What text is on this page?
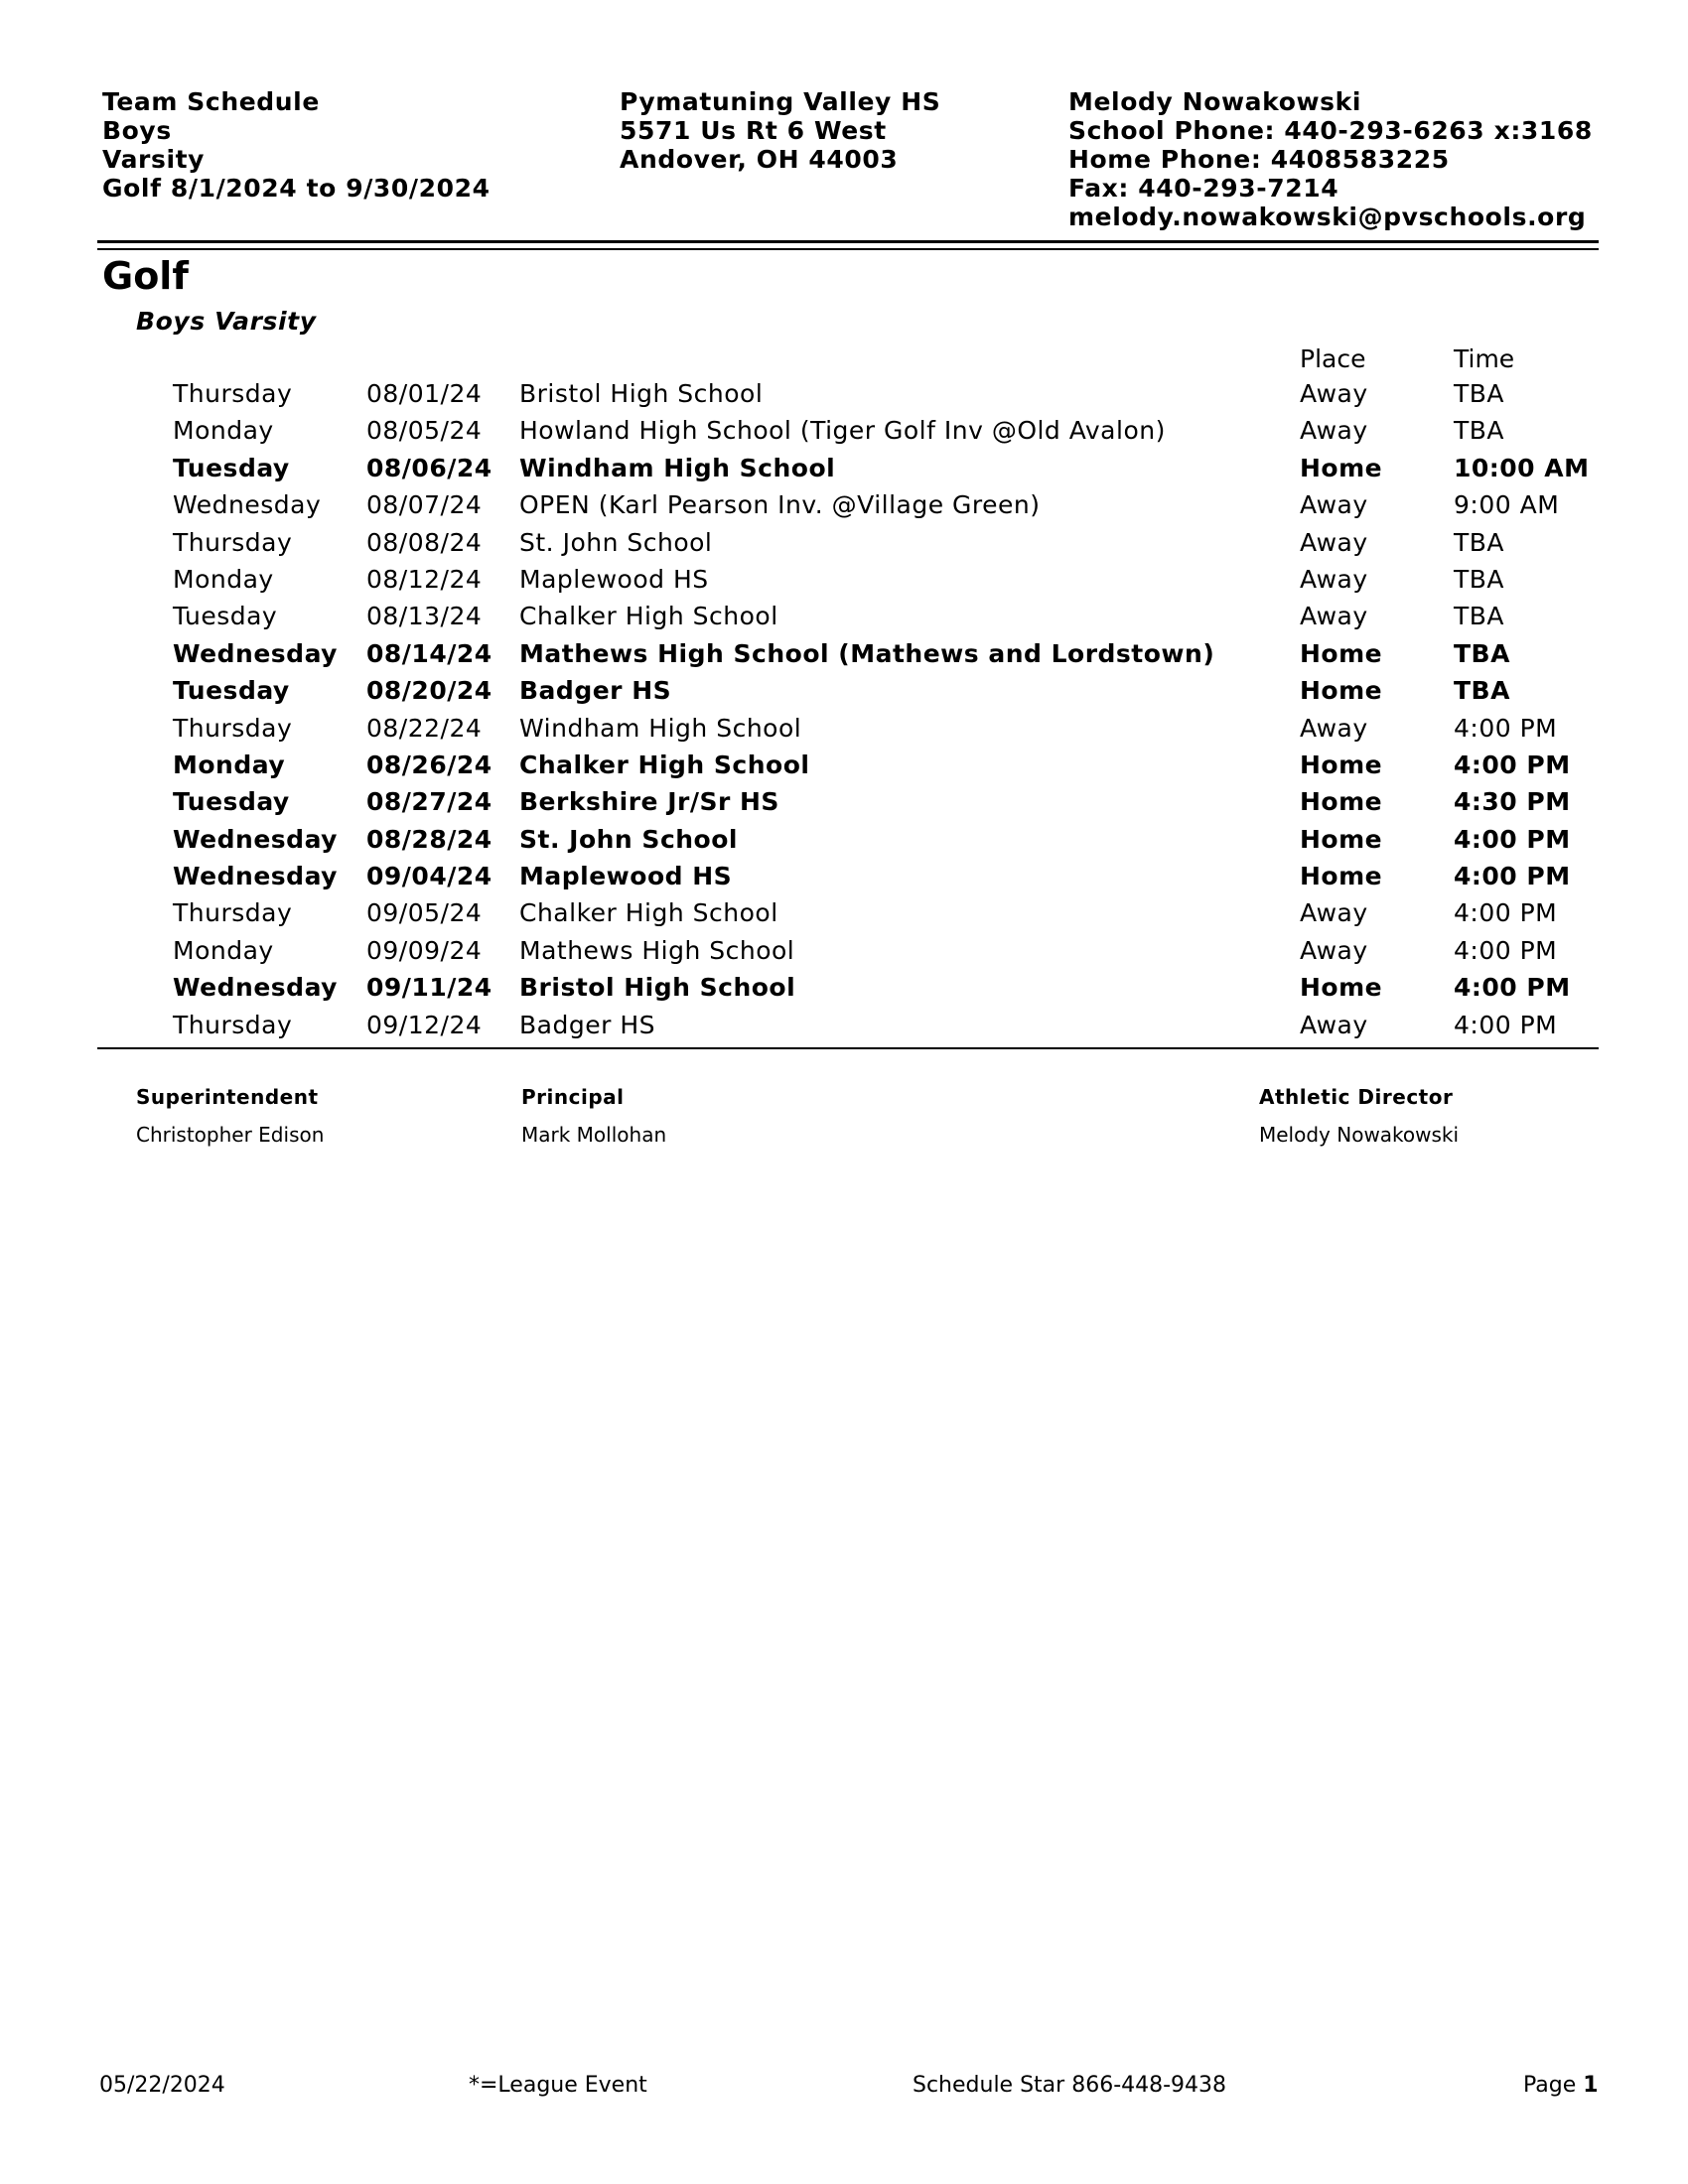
Team Schedule
Boys
Varsity
Golf 8/1/2024 to 9/30/2024
Pymatuning Valley HS
5571 Us Rt 6 West
Andover, OH 44003
Melody Nowakowski
School Phone: 440-293-6263 x:3168
Home Phone: 4408583225
Fax: 440-293-7214
melody.nowakowski@pvschools.org
Golf
Boys Varsity
Place	Time
Thursday	08/01/24 Bristol High School	Away	TBA
Monday	08/05/24 Howland High School (Tiger Golf Inv @Old Avalon)	Away	TBA
Tuesday	08/06/24 Windham High School	Home	10:00 AM
Wednesday 08/07/24 OPEN (Karl Pearson Inv. @Village Green)	Away	9:00 AM
Thursday	08/08/24 St. John School	Away	TBA
Monday	08/12/24 Maplewood HS	Away	TBA
Tuesday	08/13/24 Chalker High School	Away	TBA
Wednesday 08/14/24 Mathews High School (Mathews and Lordstown)	Home	TBA
Tuesday	08/20/24 Badger HS	Home	TBA
Thursday	08/22/24 Windham High School	Away	4:00 PM
Monday	08/26/24 Chalker High School	Home	4:00 PM
Tuesday	08/27/24 Berkshire Jr/Sr HS	Home	4:30 PM
Wednesday 08/28/24 St. John School	Home	4:00 PM
Wednesday 09/04/24 Maplewood HS	Home	4:00 PM
Thursday	09/05/24 Chalker High School	Away	4:00 PM
Monday	09/09/24 Mathews High School	Away	4:00 PM
Wednesday 09/11/24 Bristol High School	Home	4:00 PM
Thursday	09/12/24 Badger HS	Away	4:00 PM
Superintendent
Christopher Edison
Principal
Mark Mollohan
Athletic Director
Melody Nowakowski
05/22/2024	*=League Event	Schedule Star 866-448-9438	Page 1
